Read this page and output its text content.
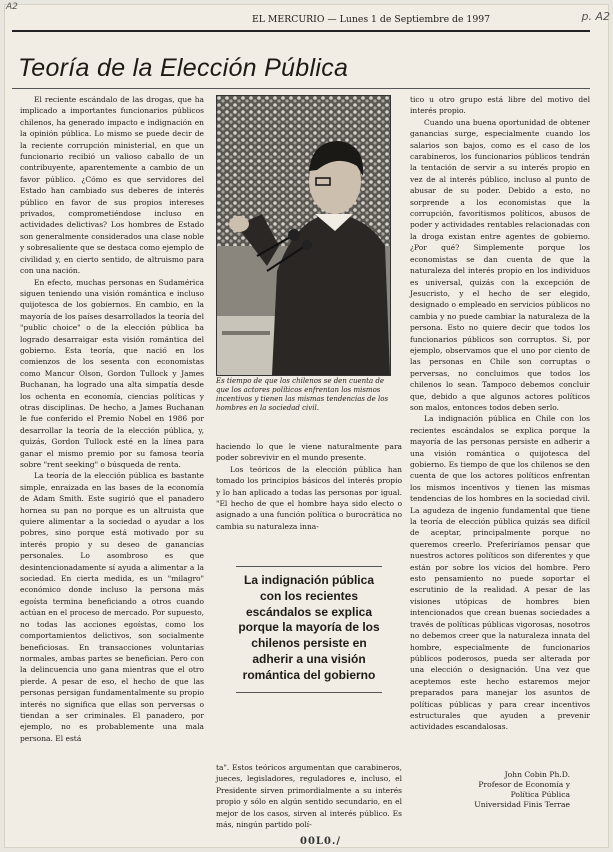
A2
p. A2
EL MERCURIO — Lunes 1 de Septiembre de 1997
Teoría de la Elección Pública

El reciente escándalo de las drogas, que ha implicado a importantes funcionarios públicos chilenos, ha generado impacto e indignación en la opinión pública. Lo mismo se puede decir de la reciente corrupción ministerial, en que un funcionario recibió un valioso caballo de un contribuyente, aparentemente a cambio de un favor público. ¿Cómo es que servidores del Estado han cambiado sus deberes de interés público en favor de sus propios intereses privados, comprometiéndose incluso en actividades delictivas? Los hombres de Estado son generalmente considerados una clase noble y sobresaliente que se destaca como ejemplo de civilidad y, en cierto sentido, de altruismo para con una nación.

En efecto, muchas personas en Sudamérica siguen teniendo una visión romántica e incluso quijotesca de los gobiernos. En cambio, en la mayoría de los países desarrollados la teoría del "public choice" o de la elección pública ha logrado desarraigar esta visión romántica del gobierno. Esta teoría, que nació en los comienzos de los sesenta con economistas como Mancur Olson, Gordon Tullock y James Buchanan, ha logrado una alta simpatía desde los ochenta en economía, ciencias políticas y otras disciplinas. De hecho, a James Buchanan le fue conferido el Premio Nobel en 1986 por desarrollar la teoría de la elección pública, y, quizás, Gordon Tullock esté en la línea para ganar el mismo premio por su famosa teoría sobre "rent seeking" o búsqueda de renta.

La teoría de la elección pública es bastante simple, enraizada en las bases de la economía de Adam Smith. Este sugirió que el panadero hornea su pan no porque es un altruista que quiere alimentar a la sociedad o ayudar a los pobres, sino porque está motivado por su interés propio y su deseo de ganancias personales. Lo asombroso es que desintencionadamente sí ayuda a alimentar a la sociedad. En cierta medida, es un "milagro" económico donde incluso la persona más egoísta termina beneficiando a otros cuando actúan en el proceso de mercado. Por supuesto, no todas las acciones egoístas, como los comportamientos delictivos, son socialmente beneficiosas. En transacciones voluntarias normales, ambas partes se benefician. Pero con la delincuencia uno gana mientras que el otro pierde. A pesar de eso, el hecho de que las personas persigan fundamentalmente su propio interés no significa que ellas son perversas o tiendan a ser criminales. El panadero, por ejemplo, no es probablemente una mala persona. El está

Es tiempo de que los chilenos se den cuenta de que los actores políticos enfrentan los mismos incentivos y tienen las mismas tendencias de los hombres en la sociedad civil.

haciendo lo que le viene naturalmente para poder sobrevivir en el mundo presente.

Los teóricos de la elección pública han tomado los principios básicos del interés propio y lo han aplicado a todas las personas por igual. "El hecho de que el hombre haya sido electo o asignado a una función política o burocrática no cambia su naturaleza inna-

La indignación pública con los recientes escándalos se explica porque la mayoría de los chilenos persiste en adherir a una visión romántica del gobierno

ta". Estos teóricos argumentan que carabineros, jueces, legisladores, reguladores e, incluso, el Presidente sirven primordialmente a su interés propio y sólo en algún sentido secundario, en el mejor de los casos, sirven al interés público. Es más, ningún partido polí-

tico u otro grupo está libre del motivo del interés propio.

Cuando una buena oportunidad de obtener ganancias surge, especialmente cuando los salarios son bajos, como es el caso de los carabineros, los funcionarios públicos tendrán la tentación de servir a su interés propio en vez de al interés público, incluso al punto de abusar de su poder. Debido a esto, no sorprende a los economistas que la corrupción, favoritismos políticos, abusos de poder y actividades rentables relacionadas con la droga existan entre agentes de gobierno. ¿Por qué? Simplemente porque los economistas se dan cuenta de que la naturaleza del interés propio en los individuos es universal, quizás con la excepción de Jesucristo, y el hecho de ser elegido, designado o empleado en servicios públicos no cambia y no puede cambiar la naturaleza de la persona. Esto no quiere decir que todos los funcionarios públicos son corruptos. Si, por ejemplo, observamos que el uno por ciento de las personas en Chile son corruptas o perversas, no concluimos que todos los chilenos lo sean. Tampoco debemos concluir que, debido a que algunos actores políticos son malos, entonces todos deben serlo.

La indignación pública en Chile con los recientes escándalos se explica porque la mayoría de las personas persiste en adherir a una visión romántica o quijotesca del gobierno. Es tiempo de que los chilenos se den cuenta de que los actores políticos enfrentan los mismos incentivos y tienen las mismas tendencias de los hombres en la sociedad civil. La agudeza de ingenio fundamental que tiene la teoría de elección pública quizás sea difícil de aceptar, principalmente porque no queremos creerlo. Preferiríamos pensar que nuestros actores políticos son diferentes y que están por sobre los vicios del hombre. Pero esto pensamiento no puede soportar el escrutinio de la realidad. A pesar de las visiones utópicas de hombres bien intencionados que crean buenas sociedades a través de políticas públicas vigorosas, nosotros no debemos creer que la naturaleza innata del hombre, especialmente de funcionarios públicos poderosos, pueda ser alterada por una elección o designación. Una vez que aceptemos este hecho estaremos mejor preparados para manejar los asuntos de políticas públicas y para crear incentivos estructurales que ayuden a prevenir actividades escandalosas.

John Cobin Ph.D.
Profesor de Economía y
Política Pública
Universidad Finis Terrae
00L0./
